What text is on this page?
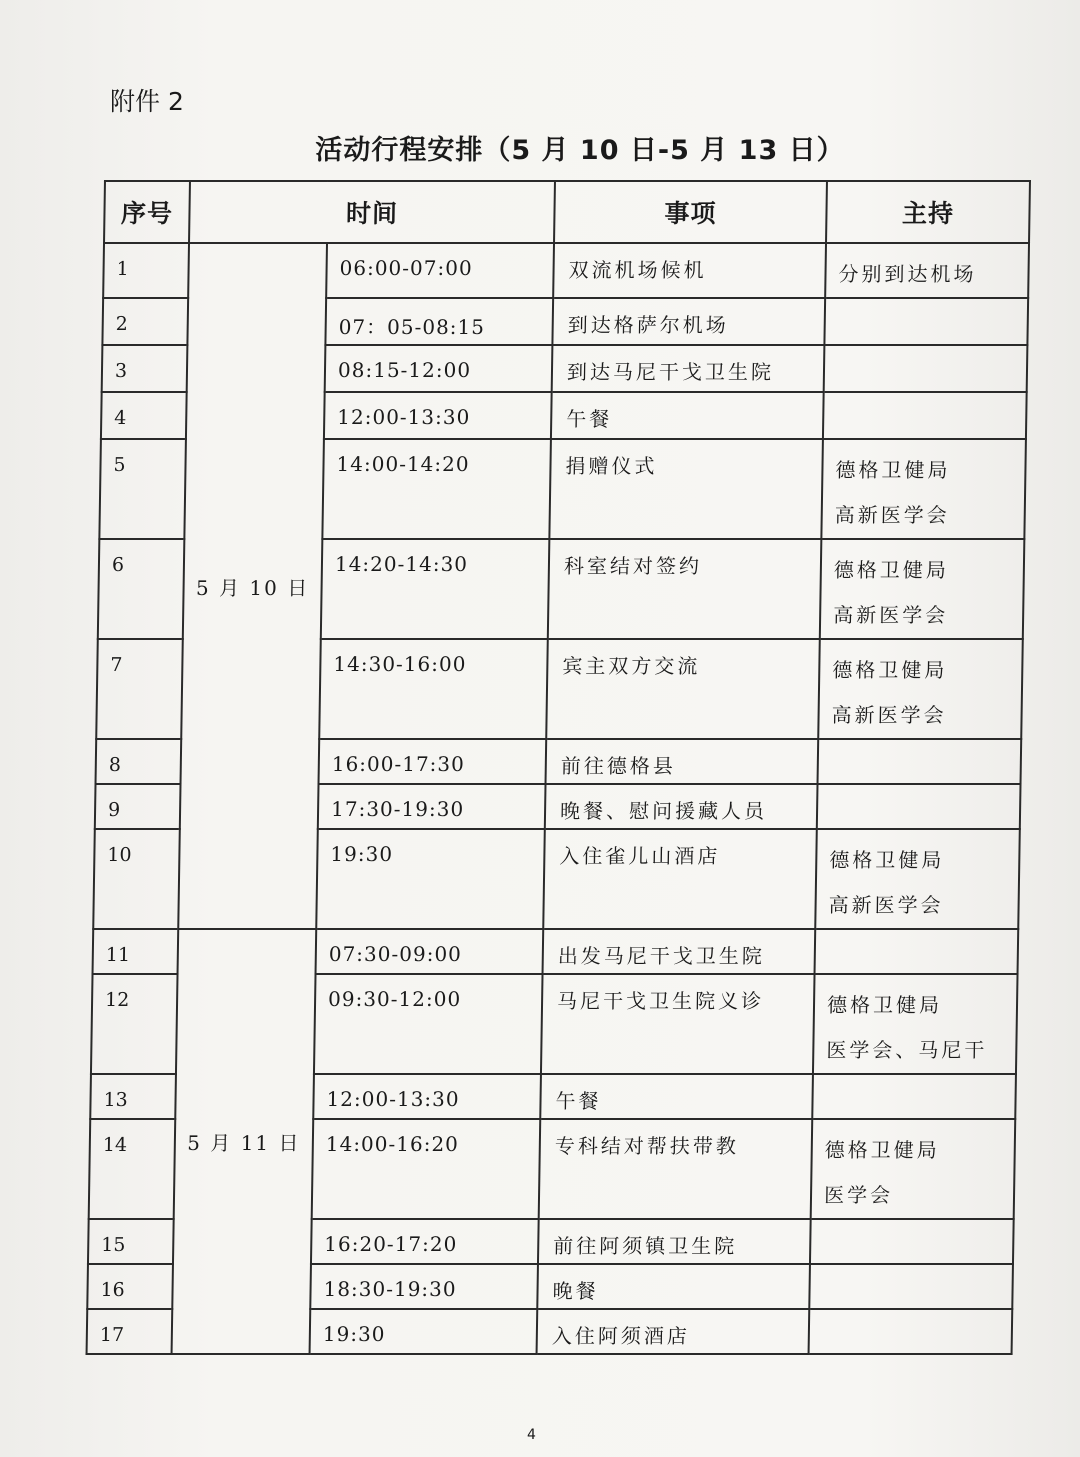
附件 2
活动行程安排（5 月 10 日-5 月 13 日）
序号	时间		事项	主持
1	5 月 10 日	06:00-07:00	双流机场候机	分别到达机场

2		07：05-08:15	到达格萨尔机场	

3		08:15-12:00	到达马尼干戈卫生院	

4		12:00-13:30	午餐	

5		14:00-14:20	捐赠仪式	德格卫健局
高新医学会

6		14:20-14:30	科室结对签约	德格卫健局
高新医学会

7		14:30-16:00	宾主双方交流	德格卫健局
高新医学会

8		16:00-17:30	前往德格县	

9		17:30-19:30	晚餐、慰问援藏人员	

10		19:30	入住雀儿山酒店	德格卫健局
高新医学会

11	5 月 11 日	07:30-09:00	出发马尼干戈卫生院	

12		09:30-12:00	马尼干戈卫生院义诊	德格卫健局
医学会、马尼干

13		12:00-13:30	午餐	

14		14:00-16:20	专科结对帮扶带教	德格卫健局
医学会

15		16:20-17:20	前往阿须镇卫生院	

16		18:30-19:30	晚餐	

17		19:30	入住阿须酒店	
4
